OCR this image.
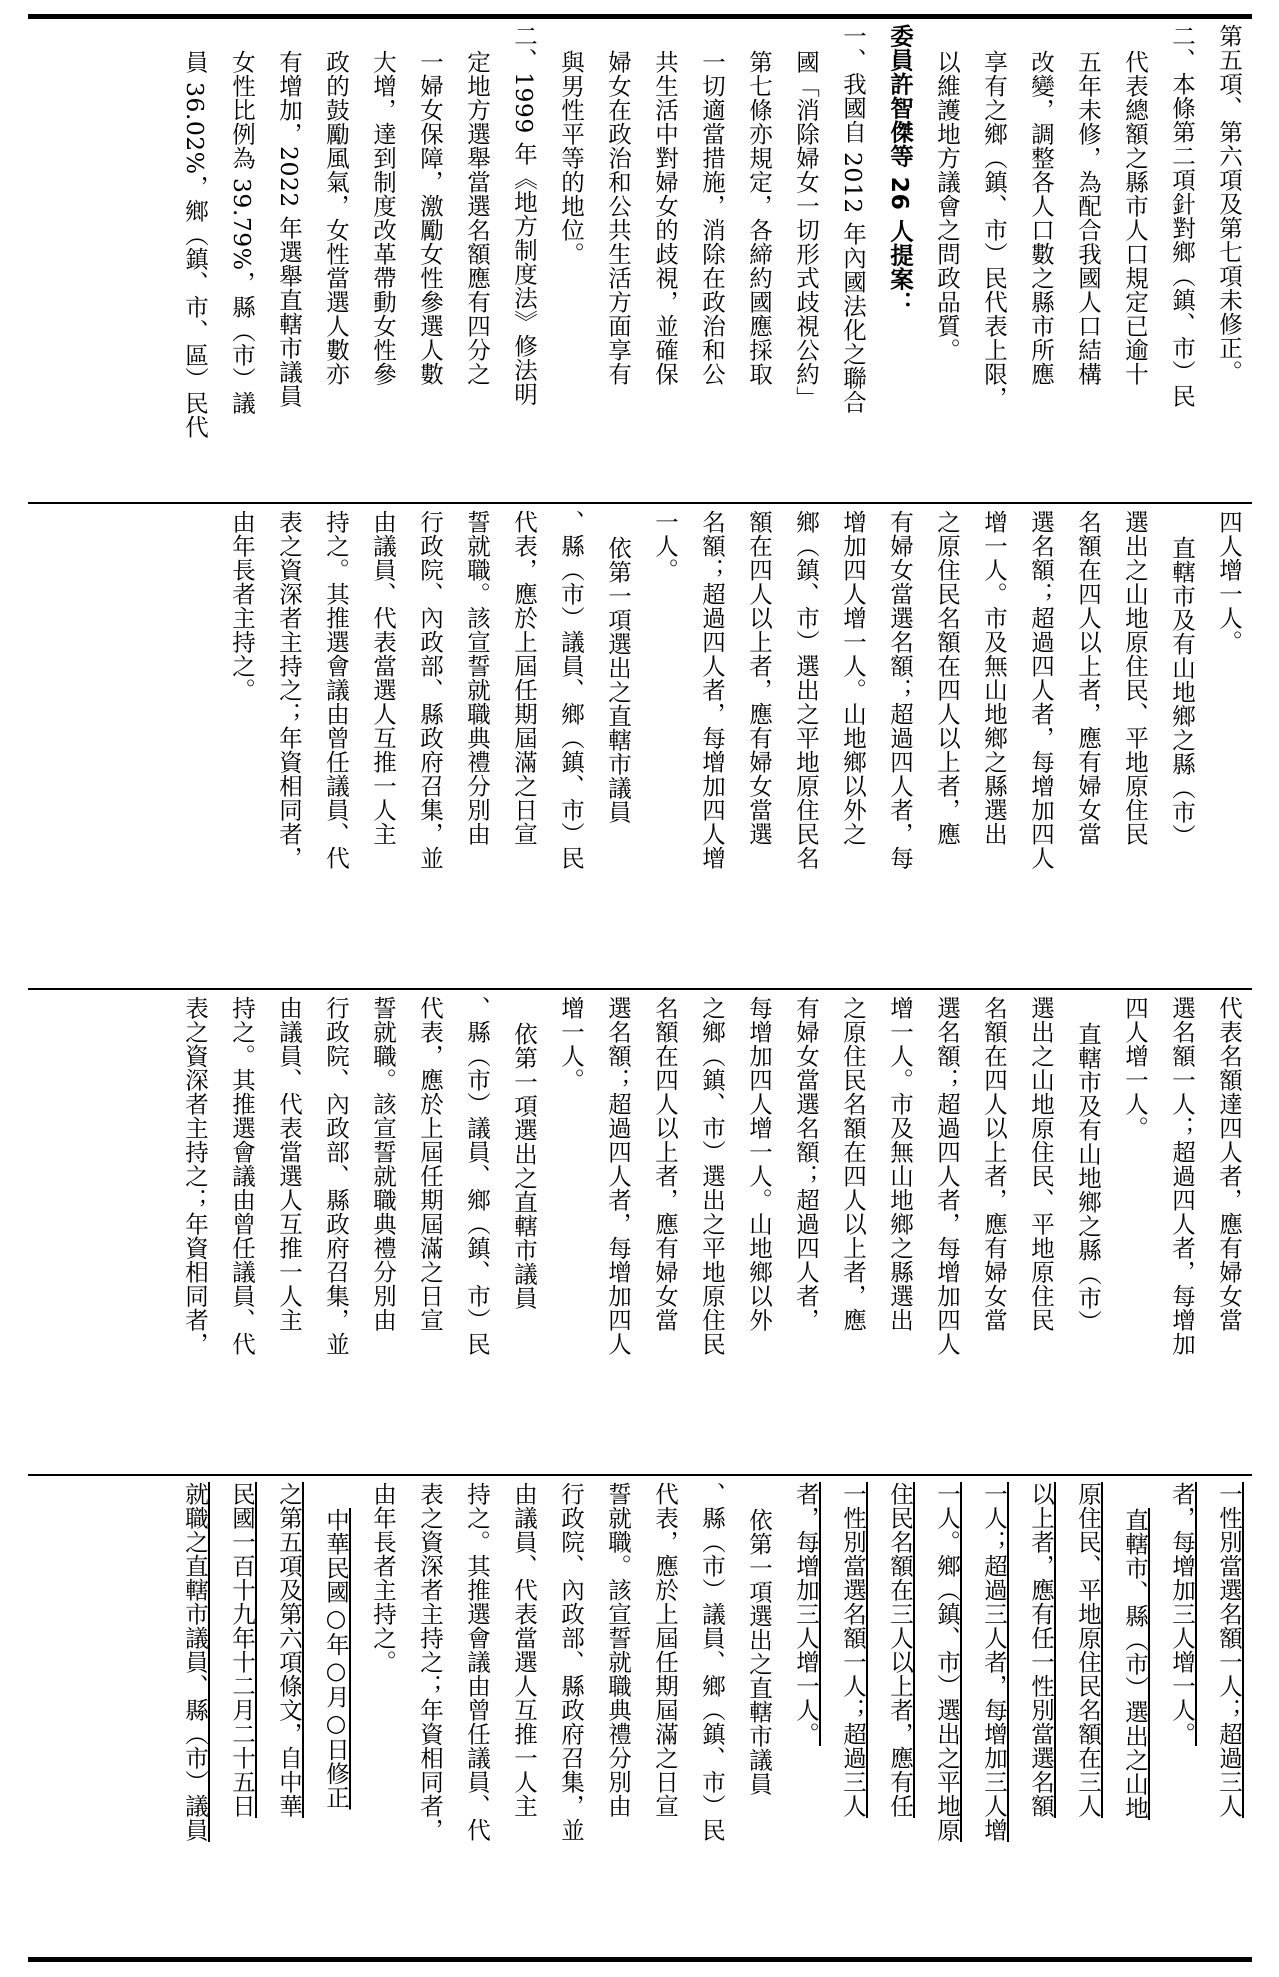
第五項、第六項及第七項未修正。
二、本條第二項針對鄉（鎮、市）民
代表總額之縣市人口規定已逾十
五年未修，為配合我國人口結構
改變，調整各人口數之縣市所應
享有之鄉（鎮、市）民代表上限，
以維護地方議會之問政品質。
委員許智傑等 26 人提案：
一、我國自 2012 年內國法化之聯合
國「消除婦女一切形式歧視公約」
第七條亦規定，各締約國應採取
一切適當措施，消除在政治和公
共生活中對婦女的歧視，並確保
婦女在政治和公共生活方面享有
與男性平等的地位。
二、1999 年《地方制度法》修法明
定地方選舉當選名額應有四分之
一婦女保障，激勵女性參選人數
大增，達到制度改革帶動女性參
政的鼓勵風氣，女性當選人數亦
有增加，2022 年選舉直轄市議員
女性比例為 39.79%，縣（市）議
員 36.02%，鄉（鎮、市、區）民代
四人增一人。
直轄市及有山地鄉之縣（市）
選出之山地原住民、平地原住民
名額在四人以上者，應有婦女當
選名額；超過四人者，每增加四人
增一人。市及無山地鄉之縣選出
之原住民名額在四人以上者，應
有婦女當選名額；超過四人者，每
增加四人增一人。山地鄉以外之
鄉（鎮、市）選出之平地原住民名
額在四人以上者，應有婦女當選
名額；超過四人者，每增加四人增
一人。
依第一項選出之直轄市議員
、縣（市）議員、鄉（鎮、市）民
代表，應於上屆任期屆滿之日宣
誓就職。該宣誓就職典禮分別由
行政院、內政部、縣政府召集，並
由議員、代表當選人互推一人主
持之。其推選會議由曾任議員、代
表之資深者主持之；年資相同者，
由年長者主持之。
代表名額達四人者，應有婦女當
選名額一人；超過四人者，每增加
四人增一人。
直轄市及有山地鄉之縣（市）
選出之山地原住民、平地原住民
名額在四人以上者，應有婦女當
選名額；超過四人者，每增加四人
增一人。市及無山地鄉之縣選出
之原住民名額在四人以上者，應
有婦女當選名額；超過四人者，
每增加四人增一人。山地鄉以外
之鄉（鎮、市）選出之平地原住民
名額在四人以上者，應有婦女當
選名額；超過四人者，每增加四人
增一人。
依第一項選出之直轄市議員
、縣（市）議員、鄉（鎮、市）民
代表，應於上屆任期屆滿之日宣
誓就職。該宣誓就職典禮分別由
行政院、內政部、縣政府召集，並
由議員、代表當選人互推一人主
持之。其推選會議由曾任議員、代
表之資深者主持之；年資相同者，
一性別當選名額一人；超過三人
者，每增加三人增一人。
直轄市、縣（市）選出之山地
原住民、平地原住民名額在三人
以上者，應有任一性別當選名額
一人；超過三人者，每增加三人增
一人。鄉（鎮、市）選出之平地原
住民名額在三人以上者，應有任
一性別當選名額一人；超過三人
者，每增加三人增一人。
依第一項選出之直轄市議員
、縣（市）議員、鄉（鎮、市）民
代表，應於上屆任期屆滿之日宣
誓就職。該宣誓就職典禮分別由
行政院、內政部、縣政府召集，並
由議員、代表當選人互推一人主
持之。其推選會議由曾任議員、代
表之資深者主持之；年資相同者，
由年長者主持之。
中華民國○年○月○日修正
之第五項及第六項條文，自中華
民國一百十九年十二月二十五日
就職之直轄市議員、縣（市）議員
